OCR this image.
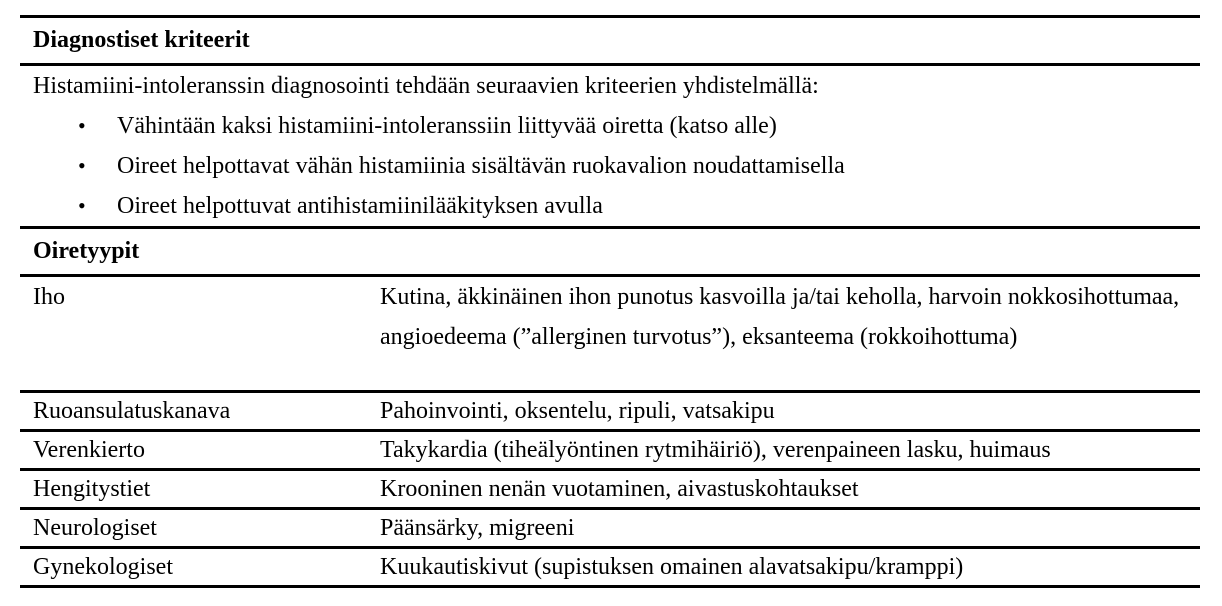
Diagnostiset kriteerit
Histamiini-intoleranssin diagnosointi tehdään seuraavien kriteerien yhdistelmällä:
• Vähintään kaksi histamiini-intoleranssiin liittyvää oiretta (katso alle)
• Oireet helpottavat vähän histamiinia sisältävän ruokavalion noudattamisella
• Oireet helpottuvat antihistamiinilääkityksen avulla
Oiretyypit
Iho	Kutina, äkkinäinen ihon punotus kasvoilla ja/tai keholla, harvoin nokkosihottumaa, angioedeema (”allerginen turvotus”), eksanteema (rokkoihottuma)
Ruoansulatuskanava	Pahoinvointi, oksentelu, ripuli, vatsakipu
Verenkierto	Takykardia (tiheälyöntinen rytmihäiriö), verenpaineen lasku, huimaus
Hengitystiet	Krooninen nenän vuotaminen, aivastuskohtaukset
Neurologiset	Päänsärky, migreeni
Gynekologiset	Kuukautiskivut (supistuksen omainen alavatsakipu/kramppi)
